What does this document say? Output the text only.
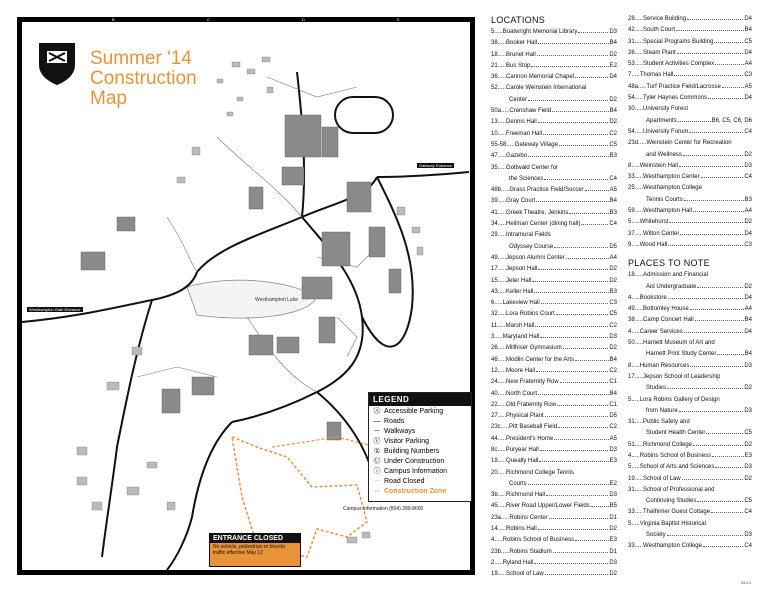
B	C	D	E
Summer '14
Construction
Map
Westhampton Lake
Westhampton Gate Entrance
Gateway Entrance
LEGEND
Ⓐ Accessible Parking
— Roads
─ Walkways
Ⓥ Visitor Parking
① Building Numbers
Ⓤ Under Construction
ⓘ Campus Information
-- Road Closed
-- Construction Zone
Campus information (804) 289-8000
ENTRANCE CLOSED
No vehicle, pedestrian or bicycle traffic effective May 12
LOCATIONS
5 ..... Boatwright Memorial Library	D3
38 ..... Booker Hall	B4
18 ..... Brunet Hall	D2
21 ..... Bus Stop	E2
36 ..... Cannon Memorial Chapel	D4
52 ..... Carole Weinstein International
Center	D2
50a ..... Crenshaw Field	B4
13 ..... Dennis Hall	D2
10 ..... Freeman Hall	C2
55-58 ..... Gateway Village	C5
47 ..... Gazebo	B3
35 ..... Gottwald Center for
the Sciences	C4
48b ..... Grass Practice Field/Soccer	A5
39 ..... Gray Court	B4
41 ..... Greek Theatre, Jenkins	B3
34 ..... Heilman Center (dining hall)	C4
29 ..... Intramural Fields
Odyssey Course	D5
49 ..... Jepson Alumni Center	A4
17 ..... Jepson Hall	D2
15 ..... Jeter Hall	D2
43 ..... Keller Hall	B3
6 ..... Lakeview Hall	C3
32 ..... Lora Robins Court	C5
11 ..... Marsh Hall	C2
3 ..... Maryland Hall	D3
26 ..... Millhiser Gymnasium	D2
46 ..... Modlin Center for the Arts	B4
12 ..... Moore Hall	C2
24 ..... New Fraternity Row	C1
40 ..... North Court	B4
22 ..... Old Fraternity Row	C1
27 ..... Physical Plant	D5
23c ..... Pitt Baseball Field	C2
44 ..... President's Home	A5
8c ..... Puryear Hall	D3
19 ..... Queally Hall	E3
20 ..... Richmond College Tennis
Courts	E2
3b ..... Richmond Hall	D3
45 ..... River Road Upper/Lower Fields	B5
23a ..... Robins Center	D1
14 ..... Robins Hall	D2
4 ..... Robins School of Business	E3
23b ..... Robins Stadium	D1
2 ..... Ryland Hall	D3
19 ..... School of Law	D2
28 ..... Service Building	D4
42 ..... South Court	B4
31 ..... Special Programs Building	C5
26 ..... Steam Plant	D4
53 ..... Student Activities Complex	A4
7 ..... Thomas Hall	C3
48a ..... Turf Practice Field/Lacrosse	A5
54 ..... Tyler Haynes Commons	D4
30 ..... University Forest
Apartments	B6, C5, C6, D6
54 ..... University Forum	C4
23d ..... Weinstein Center for Recreation
and Wellness	D2
8 ..... Weinstein Hall	D3
33 ..... Westhampton Center	C4
25 ..... Westhampton College
Tennis Courts	B3
59 ..... Westhampton Hall	A4
5 ..... Whitehurst	D2
37 ..... Wilton Center	D4
9 ..... Wood Hall	C3
PLACES TO NOTE
18 ..... Admission and Financial
Aid Undergraduate	D2
4 ..... Bookstore	D4
49 ..... Bottomley House	A4
38 ..... Camp Concert Hall	B4
4 ..... Career Services	D4
50 ..... Harnett Museum of Art and
Harnett Print Study Center	B4
8 ..... Human Resources	D3
17 ..... Jepson School of Leadership
Studies	D2
5 ..... Lora Robins Gallery of Design
from Nature	D3
31 ..... Public Safety and
Student Health Center	C5
51 ..... Richmond College	D2
4 ..... Robins School of Business	E3
5 ..... School of Arts and Sciences	D3
19 ..... School of Law	D2
31 ..... School of Professional and
Continuing Studies	C5
33 ..... Thalhimer Guest Cottage	C4
5 ..... Virginia Baptist Historical
Society	D3
33 ..... Westhampton College	C4
06/14
